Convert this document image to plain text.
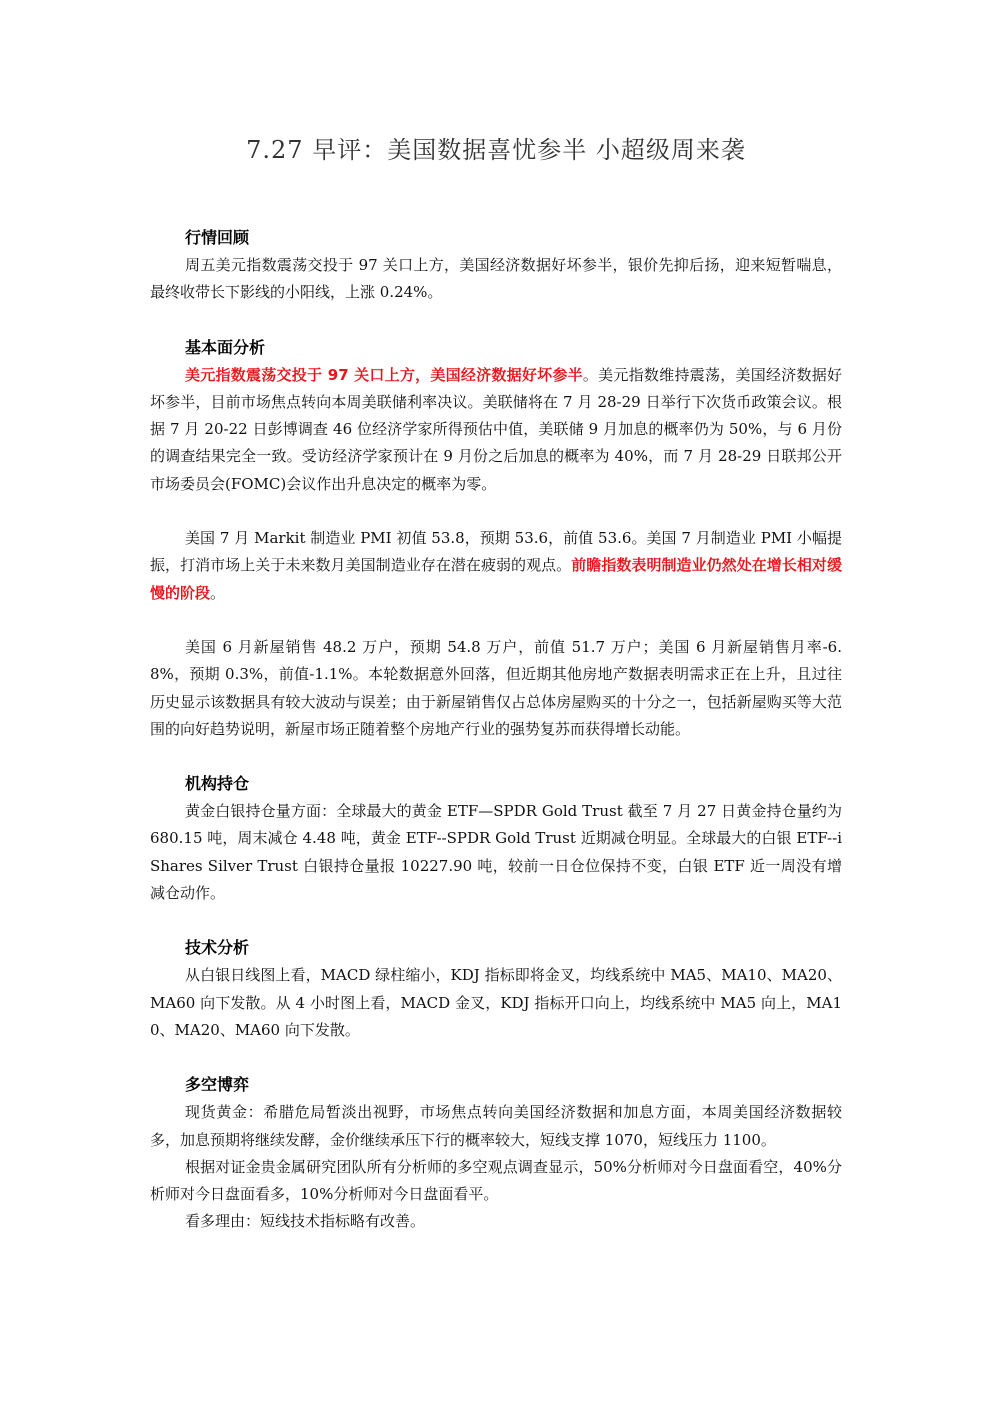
7.27 早评：美国数据喜忧参半 小超级周来袭
行情回顾

周五美元指数震荡交投于 97 关口上方，美国经济数据好坏参半，银价先抑后扬，迎来短暂喘息，最终收带长下影线的小阳线，上涨 0.24%。

基本面分析

美元指数震荡交投于 97 关口上方，美国经济数据好坏参半。美元指数维持震荡，美国经济数据好坏参半，目前市场焦点转向本周美联储利率决议。美联储将在 7 月 28-29 日举行下次货币政策会议。根据 7 月 20-22 日彭博调查 46 位经济学家所得预估中值，美联储 9 月加息的概率仍为 50%，与 6 月份的调查结果完全一致。受访经济学家预计在 9 月份之后加息的概率为 40%，而 7 月 28-29 日联邦公开市场委员会(FOMC)会议作出升息决定的概率为零。

美国 7 月 Markit 制造业 PMI 初值 53.8，预期 53.6，前值 53.6。美国 7 月制造业 PMI 小幅提振，打消市场上关于未来数月美国制造业存在潜在疲弱的观点。前瞻指数表明制造业仍然处在增长相对缓慢的阶段。

美国 6 月新屋销售 48.2 万户，预期 54.8 万户，前值 51.7 万户；美国 6 月新屋销售月率-6.8%，预期 0.3%，前值-1.1%。本轮数据意外回落，但近期其他房地产数据表明需求正在上升，且过往历史显示该数据具有较大波动与误差；由于新屋销售仅占总体房屋购买的十分之一，包括新屋购买等大范围的向好趋势说明，新屋市场正随着整个房地产行业的强势复苏而获得增长动能。

机构持仓

黄金白银持仓量方面：全球最大的黄金 ETF—SPDR Gold Trust 截至 7 月 27 日黄金持仓量约为 680.15 吨，周末减仓 4.48 吨，黄金 ETF--SPDR Gold Trust 近期减仓明显。全球最大的白银 ETF--iShares Silver Trust 白银持仓量报 10227.90 吨，较前一日仓位保持不变，白银 ETF 近一周没有增减仓动作。

技术分析

从白银日线图上看，MACD 绿柱缩小，KDJ 指标即将金叉，均线系统中 MA5、MA10、MA20、MA60 向下发散。从 4 小时图上看，MACD 金叉，KDJ 指标开口向上，均线系统中 MA5 向上，MA10、MA20、MA60 向下发散。

多空博弈

现货黄金：希腊危局暂淡出视野，市场焦点转向美国经济数据和加息方面，本周美国经济数据较多，加息预期将继续发酵，金价继续承压下行的概率较大，短线支撑 1070，短线压力 1100。

根据对证金贵金属研究团队所有分析师的多空观点调查显示，50%分析师对今日盘面看空，40%分析师对今日盘面看多，10%分析师对今日盘面看平。

看多理由：短线技术指标略有改善。
